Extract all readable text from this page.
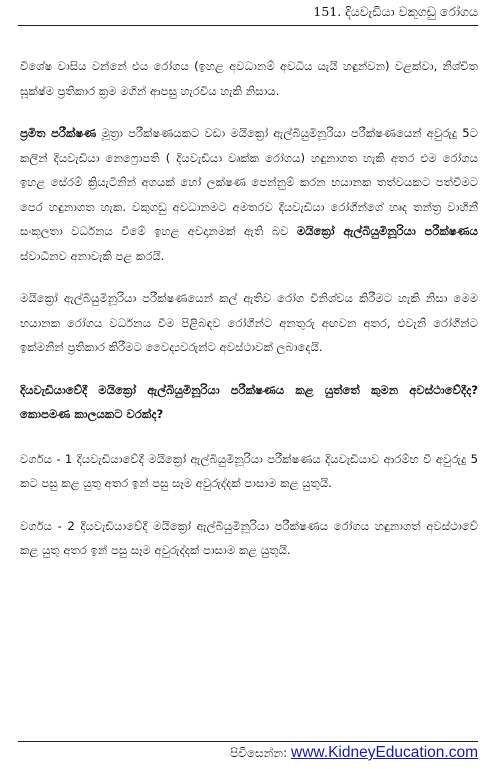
151. දියවැඩියා වකුගඩු රෝගය

විශේෂ වාසිය වන්නේ එය රෝගය (ඉහළ අවධානම් අවධිය යැයි හඳුන්වන) වළක්වා, නිශ්චිත සූක්ෂ්ම ප්‍රතිකාර ක්‍රම මගින් ආපසු හැරවිය හැකි නිසාය.

ප්‍රමිත පරීක්ෂණ මූත්‍රා පරීක්ෂණයකට වඩා මයික්‍රෝ ඇල්බියුමිනූරියා පරීක්ෂණයෙන් අවුරුදු 5ට කලින් දියවැඩියා නෙෆ්‍රොපති ( දියවැඩියා වෘක්ක රෝගය) හඳුනාගත හැකි අතර එම රෝගය ඉහළ සේරම් ක්‍රියැටිනින් අගයක් හෝ ලක්ෂණ පෙන්නුම් කරන භයානක තත්වයකට පත්වීමට පෙර හඳුනාගත හැක. වකුගඩු අවධානමට අමතරව දියවැඩියා රෝගීන්ගේ හෘද තන්ත්‍ර වාහිනී සංකූලතා වර්ධනය වීමේ ඉහළ අවදානමක් ඇති බව මයික්‍රෝ ඇල්බියුමිනූරියා පරීක්ෂණය ස්වාධීනව අනාවැකි පළ කරයි.

මයික්‍රෝ ඇල්බියුමිනූරියා පරීක්ෂණයෙන් කල් ඇතිව රෝග විනිශ්චය කිරීමට හැකි නිසා මෙම භයානක රෝගය වර්ධනය වීම පිළිබඳව රෝගීන්ට අනතුරු අඟවන අතර, එවැනි රෝගීන්ට ඉක්මනින් ප්‍රතිකාර කිරීමට වෛද්‍යවරුන්ට අවස්ථාවක් ලබාදෙයි.

දියවැඩියාවේදී මයික්‍රෝ ඇල්බියුමිනූරියා පරීක්ෂණය කළ යුත්තේ කුමන අවස්ථාවේදීද? කොපමණ කාලයකට වරක්ද?

වර්ගය - 1 දියවැඩියාවේදී මයික්‍රෝ ඇල්බියුමිනූරියා පරීක්ෂණය දියවැඩියාව ආරම්භ වී අවුරුදු 5 කට පසු කළ යුතු අතර ඉන් පසු සෑම අවුරුද්දක් පාසාම කළ යුතුයි.

වර්ගය - 2 දියවැඩියාවේදී මයික්‍රෝ ඇල්බියුමිනූරියා පරීක්ෂණය රෝගය හඳුනාගත් අවස්ථාවේ කළ යුතු අතර ඉන් පසු සෑම අවුරුද්දක් පාසාම කළ යුතුයි.

පිවිසෙන්න: www.KidneyEducation.com
